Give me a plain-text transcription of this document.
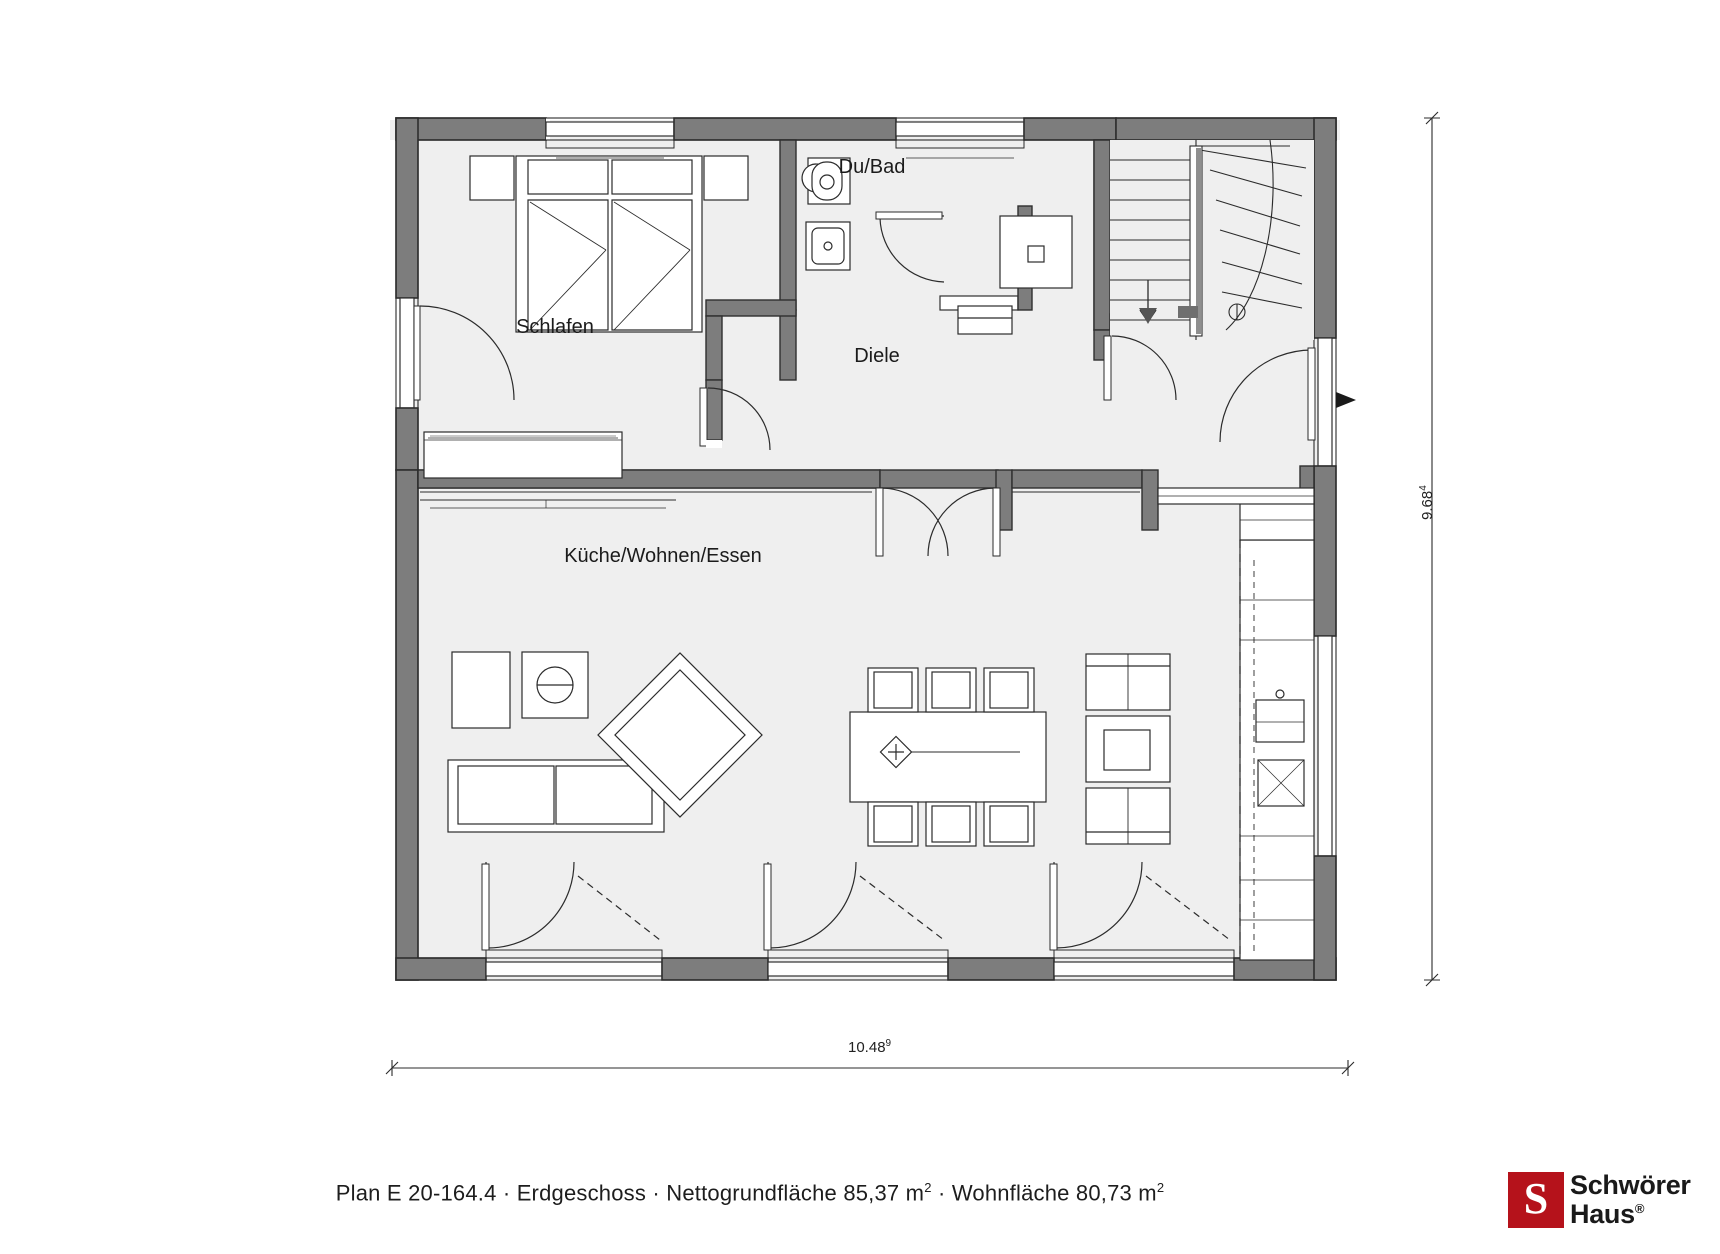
Schlafen
Du/Bad
Diele
Küche/Wohnen/Essen
9.68$^4$
10.48$^9$
Plan E 20-164.4 · Erdgeschoss · Nettogrundfläche 85,37 $m^2$ · Wohnfläche 80,73 $m^2$	S Schwörer
Haus®
